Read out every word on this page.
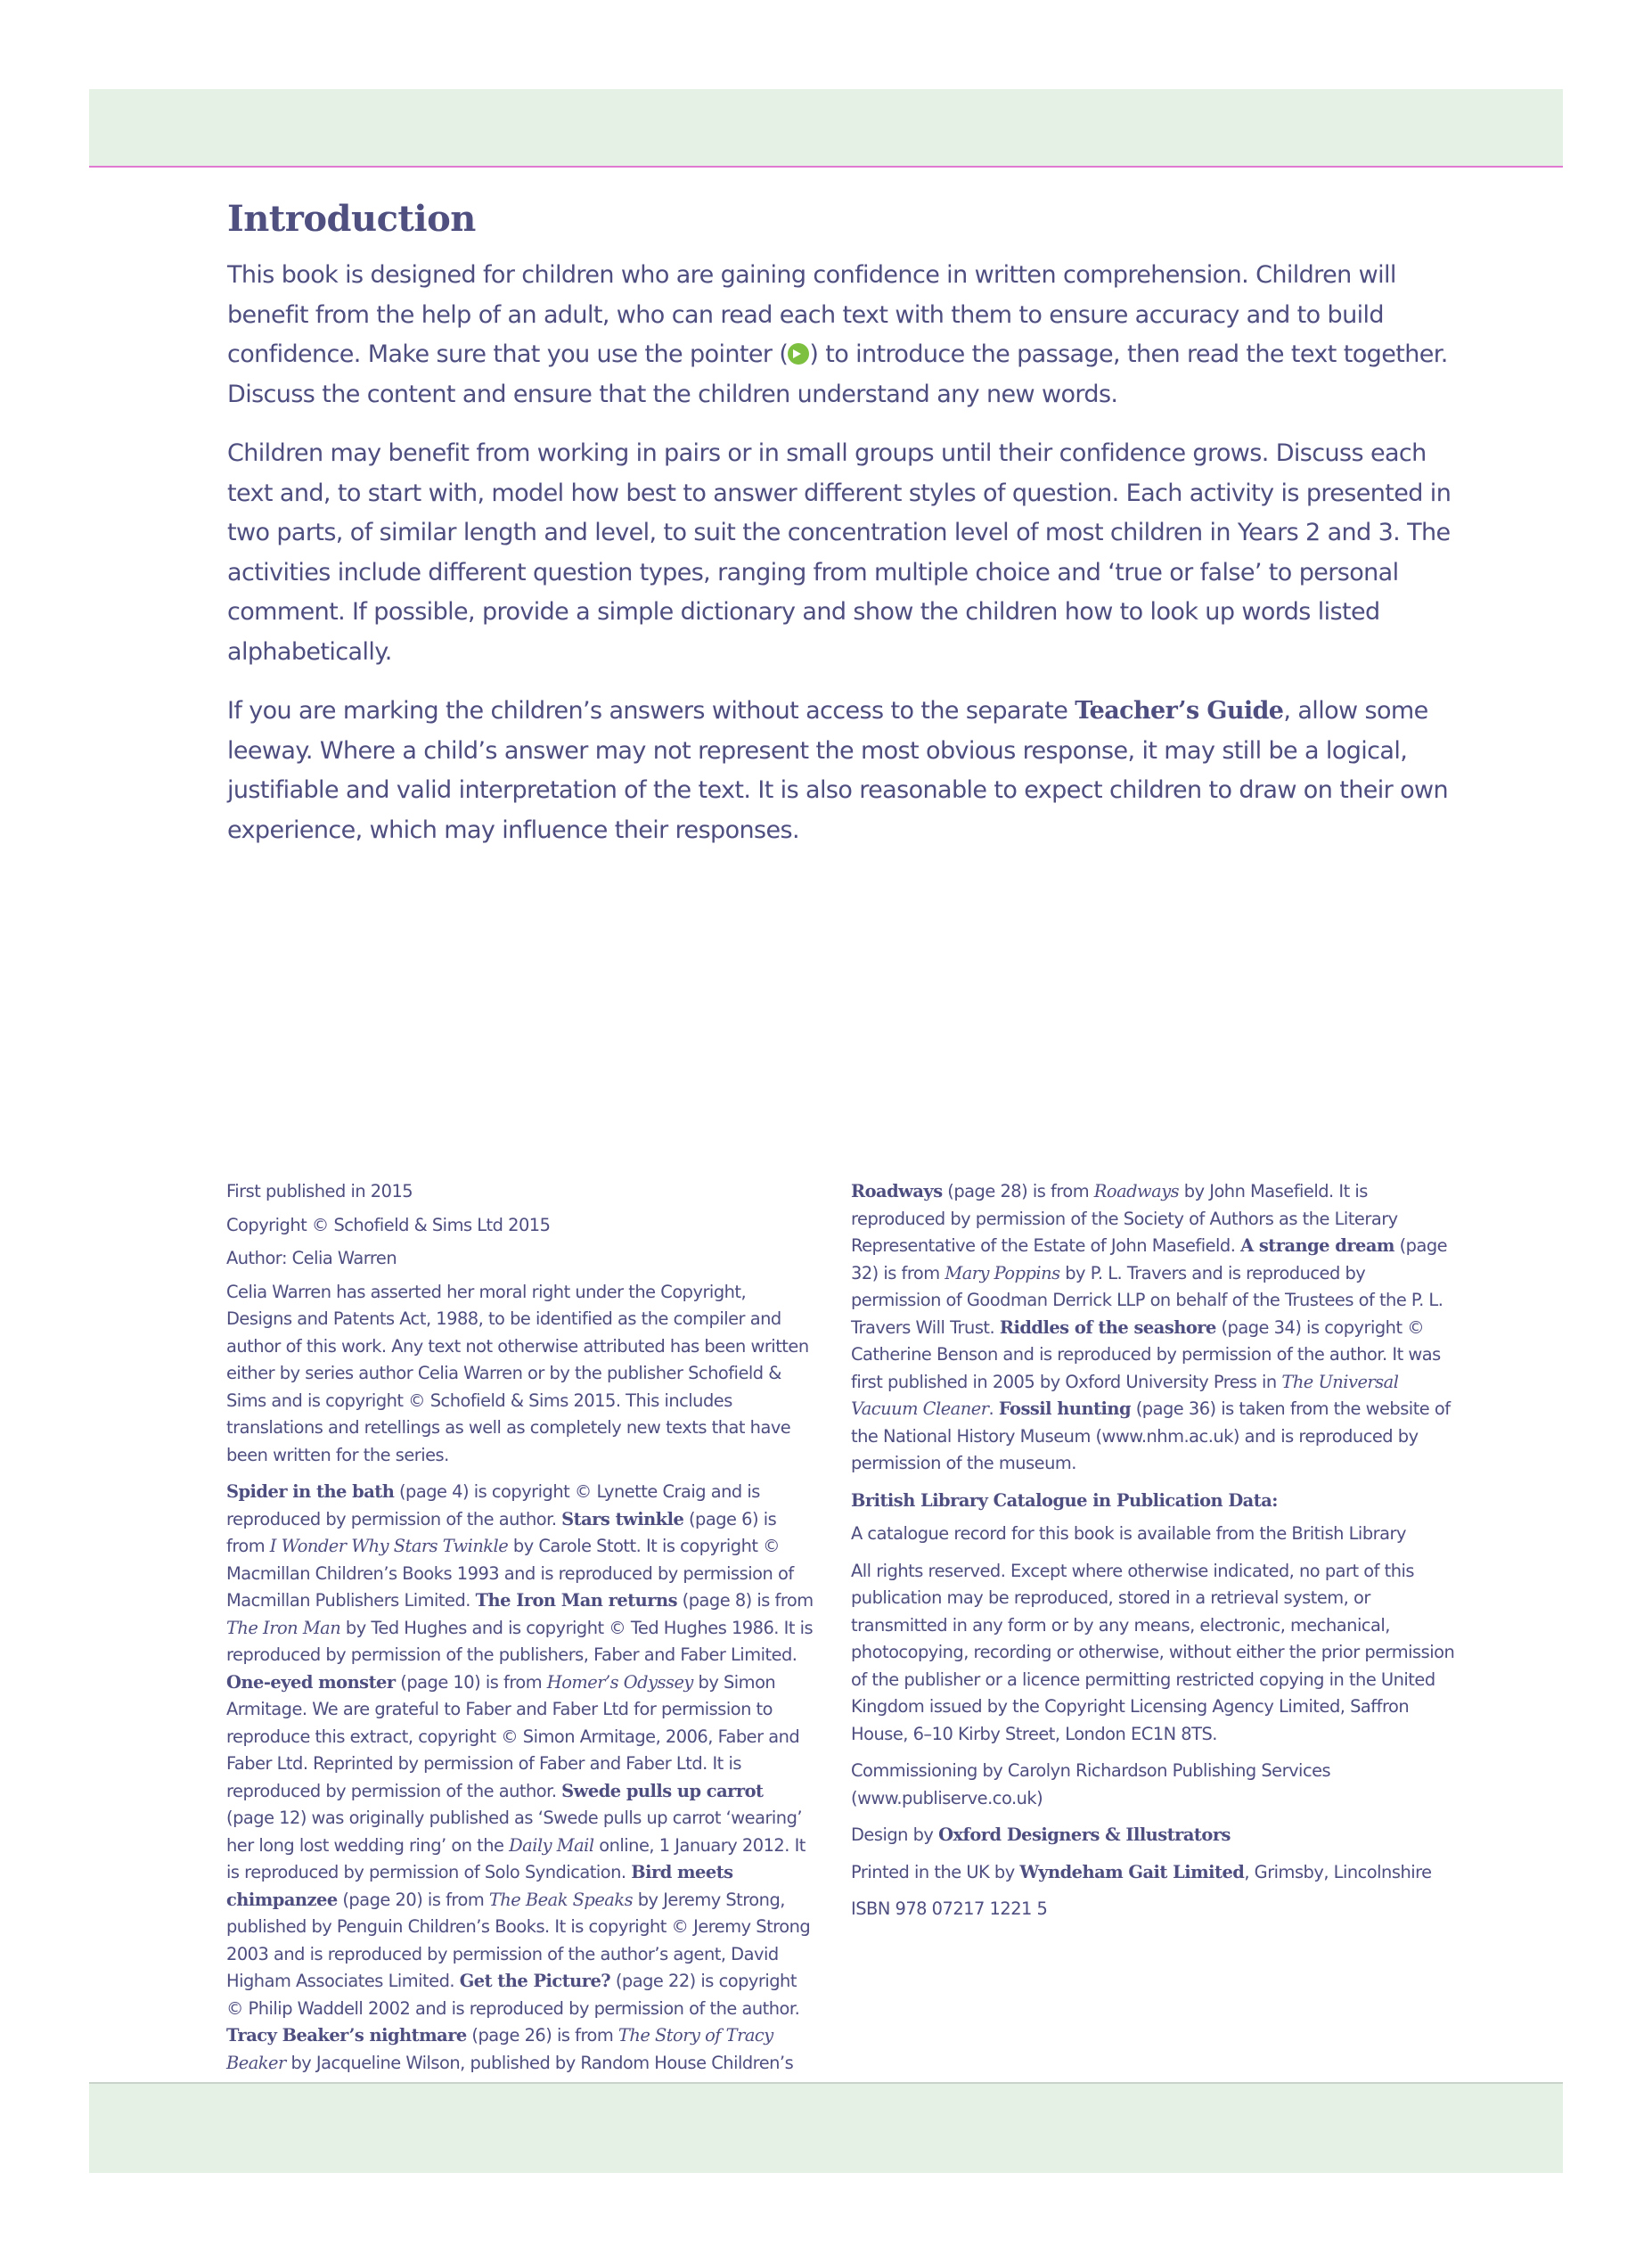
Introduction

This book is designed for children who are gaining confidence in written comprehension. Children will benefit from the help of an adult, who can read each text with them to ensure accuracy and to build confidence. Make sure that you use the pointer ( ) to introduce the passage, then read the text together. Discuss the content and ensure that the children understand any new words.

Children may benefit from working in pairs or in small groups until their confidence grows. Discuss each text and, to start with, model how best to answer different styles of question. Each activity is presented in two parts, of similar length and level, to suit the concentration level of most children in Years 2 and 3. The activities include different question types, ranging from multiple choice and ‘true or false’ to personal comment. If possible, provide a simple dictionary and show the children how to look up words listed alphabetically.

If you are marking the children’s answers without access to the separate Teacher’s Guide, allow some leeway. Where a child’s answer may not represent the most obvious response, it may still be a logical, justifiable and valid interpretation of the text. It is also reasonable to expect children to draw on their own experience, which may influence their responses.

First published in 2015

Copyright © Schofield & Sims Ltd 2015

Author: Celia Warren

Celia Warren has asserted her moral right under the Copyright, Designs and Patents Act, 1988, to be identified as the compiler and author of this work. Any text not otherwise attributed has been written either by series author Celia Warren or by the publisher Schofield & Sims and is copyright © Schofield & Sims 2015. This includes translations and retellings as well as completely new texts that have been written for the series.

Spider in the bath (page 4) is copyright © Lynette Craig and is reproduced by permission of the author. Stars twinkle (page 6) is from I Wonder Why Stars Twinkle by Carole Stott. It is copyright © Macmillan Children’s Books 1993 and is reproduced by permission of Macmillan Publishers Limited. The Iron Man returns (page 8) is from The Iron Man by Ted Hughes and is copyright © Ted Hughes 1986. It is reproduced by permission of the publishers, Faber and Faber Limited. One-eyed monster (page 10) is from Homer’s Odyssey by Simon Armitage. We are grateful to Faber and Faber Ltd for permission to reproduce this extract, copyright © Simon Armitage, 2006, Faber and Faber Ltd. Reprinted by permission of Faber and Faber Ltd. It is reproduced by permission of the author. Swede pulls up carrot (page 12) was originally published as ‘Swede pulls up carrot ‘wearing’ her long lost wedding ring’ on the Daily Mail online, 1 January 2012. It is reproduced by permission of Solo Syndication. Bird meets chimpanzee (page 20) is from The Beak Speaks by Jeremy Strong, published by Penguin Children’s Books. It is copyright © Jeremy Strong 2003 and is reproduced by permission of the author’s agent, David Higham Associates Limited. Get the Picture? (page 22) is copyright © Philip Waddell 2002 and is reproduced by permission of the author. Tracy Beaker’s nightmare (page 26) is from The Story of Tracy Beaker by Jacqueline Wilson, published by Random House Children’s

Roadways (page 28) is from Roadways by John Masefield. It is reproduced by permission of the Society of Authors as the Literary Representative of the Estate of John Masefield. A strange dream (page 32) is from Mary Poppins by P. L. Travers and is reproduced by permission of Goodman Derrick LLP on behalf of the Trustees of the P. L. Travers Will Trust. Riddles of the seashore (page 34) is copyright © Catherine Benson and is reproduced by permission of the author. It was first published in 2005 by Oxford University Press in The Universal Vacuum Cleaner. Fossil hunting (page 36) is taken from the website of the National History Museum (www.nhm.ac.uk) and is reproduced by permission of the museum.

British Library Catalogue in Publication Data:

A catalogue record for this book is available from the British Library

All rights reserved. Except where otherwise indicated, no part of this publication may be reproduced, stored in a retrieval system, or transmitted in any form or by any means, electronic, mechanical, photocopying, recording or otherwise, without either the prior permission of the publisher or a licence permitting restricted copying in the United Kingdom issued by the Copyright Licensing Agency Limited, Saffron House, 6–10 Kirby Street, London EC1N 8TS.

Commissioning by Carolyn Richardson Publishing Services (www.publiserve.co.uk)

Design by Oxford Designers & Illustrators

Printed in the UK by Wyndeham Gait Limited, Grimsby, Lincolnshire

ISBN 978 07217 1221 5
